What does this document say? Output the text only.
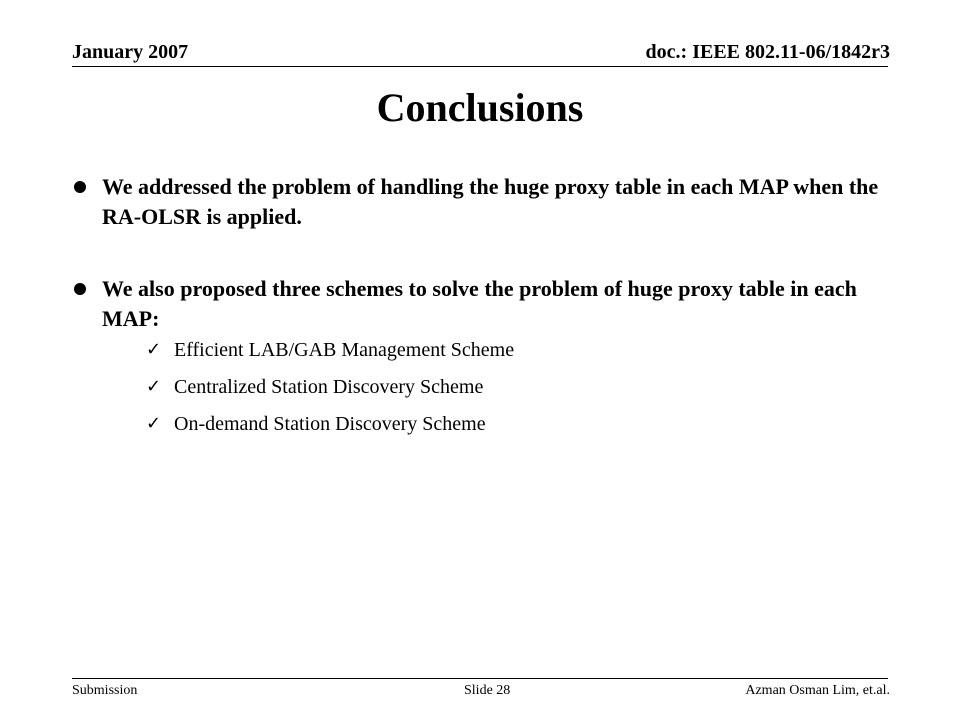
January 2007	doc.: IEEE 802.11-06/1842r3
Conclusions
We addressed the problem of handling the huge proxy table in each MAP when the RA-OLSR is applied.
We also proposed three schemes to solve the problem of huge proxy table in each MAP:
✓ Efficient LAB/GAB Management Scheme
✓ Centralized Station Discovery Scheme
✓ On-demand Station Discovery Scheme
Submission	Slide 28	Azman Osman Lim, et.al.
